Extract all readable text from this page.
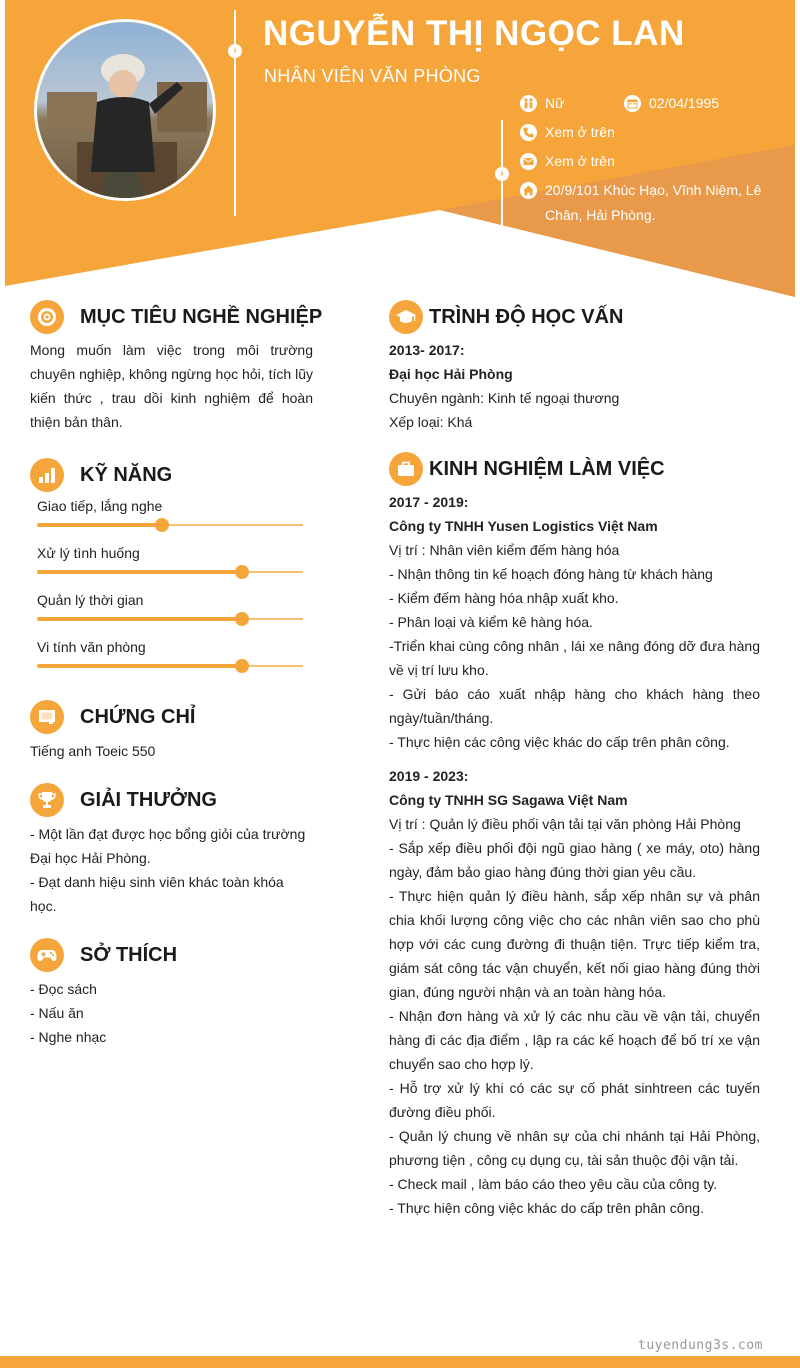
›
›
NGUYỄN THỊ NGỌC LAN
NHÂN VIÊN VĂN PHÒNG
Nữ	02/04/1995
Xem ở trên
Xem ở trên
20/9/101 Khúc Hạo, Vĩnh Niệm, Lê Chân, Hải Phòng.
MỤC TIÊU NGHỀ NGHIỆP
Mong muốn làm việc trong môi trường chuyên nghiệp, không ngừng học hỏi, tích lũy kiến thức , trau dồi kinh nghiệm để hoàn thiện bản thân.
KỸ NĂNG
Giao tiếp, lắng nghe
Xử lý tình huống
Quản lý thời gian
Vi tính văn phòng
CHỨNG CHỈ
Tiếng anh Toeic 550
GIẢI THƯỞNG
- Một lần đạt được học bổng giỏi của trường Đại học Hải Phòng.
- Đạt danh hiệu sinh viên khác toàn khóa học.
SỞ THÍCH
- Đọc sách
- Nấu ăn
- Nghe nhạc
TRÌNH ĐỘ HỌC VẤN
2013- 2017:
Đại học Hải Phòng
Chuyên ngành: Kinh tế ngoại thương
Xếp loại: Khá
KINH NGHIỆM LÀM VIỆC
2017 - 2019:
Công ty TNHH Yusen Logistics Việt Nam
Vị trí : Nhân viên kiểm đếm hàng hóa
- Nhận thông tin kế hoạch đóng hàng từ khách hàng
- Kiểm đếm hàng hóa nhập xuất kho.
- Phân loại và kiểm kê hàng hóa.
-Triển khai cùng công nhân , lái xe nâng đóng dỡ đưa hàng về vị trí lưu kho.
- Gửi báo cáo xuất nhập hàng cho khách hàng theo ngày/tuần/tháng.
- Thực hiện các công việc khác do cấp trên phân công.
2019 - 2023:
Công ty TNHH SG Sagawa Việt Nam
Vị trí : Quản lý điều phối vận tải tại văn phòng Hải Phòng
- Sắp xếp điều phối đội ngũ giao hàng ( xe máy, oto) hàng ngày, đảm bảo giao hàng đúng thời gian yêu cầu.
- Thực hiện quản lý điều hành, sắp xếp nhân sự và phân chia khối lượng công việc cho các nhân viên sao cho phù hợp với các cung đường đi thuận tiện. Trực tiếp kiểm tra, giám sát công tác vận chuyển, kết nối giao hàng đúng thời gian, đúng người nhận và an toàn hàng hóa.
- Nhận đơn hàng và xử lý các nhu cầu về vận tải, chuyển hàng đi các địa điểm , lập ra các kế hoạch để bố trí xe vận chuyển sao cho hợp lý.
- Hỗ trợ xử lý khi có các sự cố phát sinhtreen các tuyến đường điều phối.
- Quản lý chung về nhân sự của chi nhánh tại Hải Phòng, phương tiện , công cụ dụng cụ, tài sản thuộc đội vận tải.
- Check mail , làm báo cáo theo yêu cầu của công ty.
- Thực hiện công việc khác do cấp trên phân công.
tuyendung3s.com
